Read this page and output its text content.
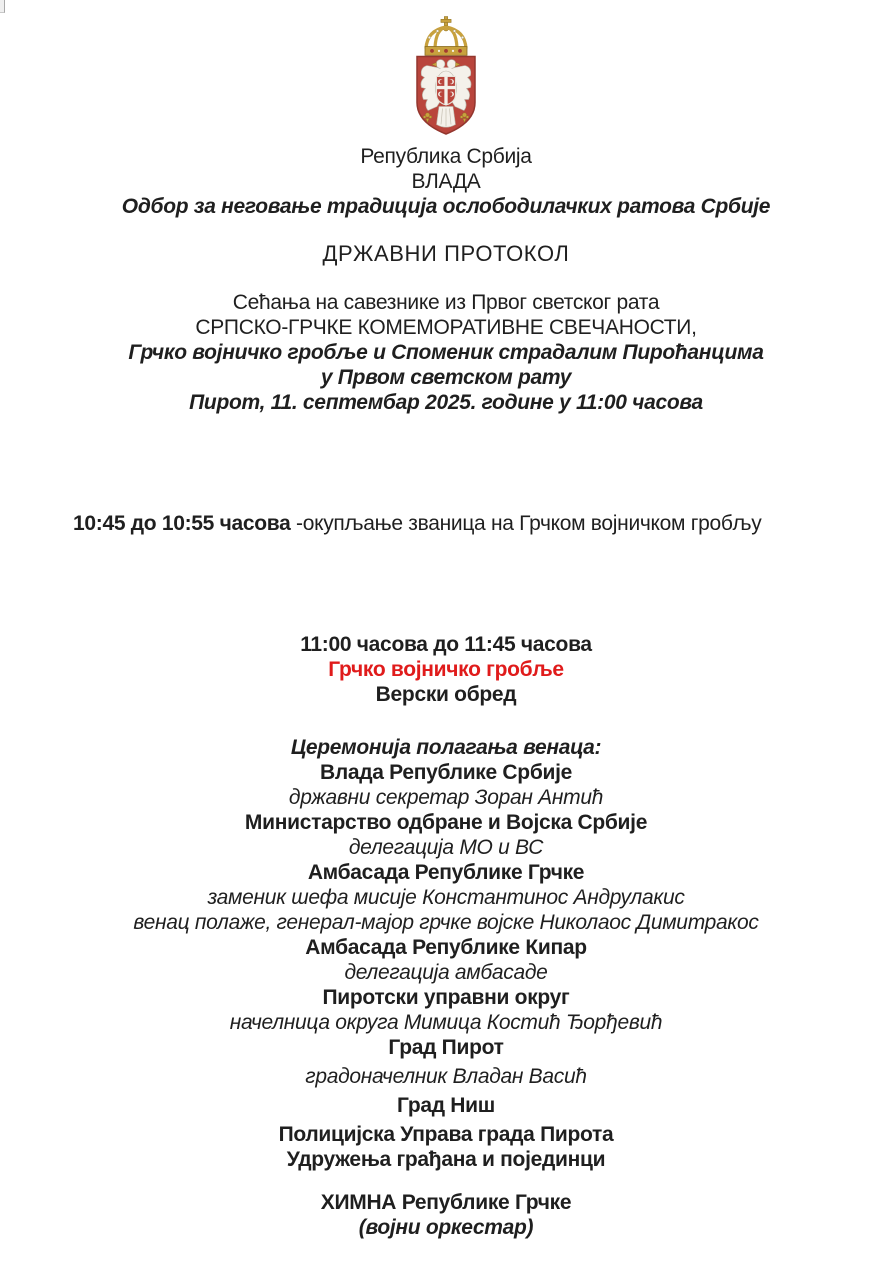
Република Србија
ВЛАДА
Одбор за неговање традиција ослободилачких ратова Србије
ДРЖАВНИ ПРОТОКОЛ
Сећања на савезнике из Првог светског рата
СРПСКО-ГРЧКЕ КОМЕМОРАТИВНЕ СВЕЧАНОСТИ,
Грчко војничко гробље и Споменик страдалим Пироћанцима
у Првом светском рату
Пирот, 11. септембар 2025. године у 11:00 часова
10:45 до 10:55 часова -окупљање званица на Грчком војничком гробљу
11:00 часова до 11:45 часова
Грчко војничко гробље
Верски обред
Церемонија полагања венаца:
Влада Републике Србије
државни секретар Зоран Антић
Министарство одбране и Војска Србије
делегација МО и ВС
Амбасада Републике Грчке
заменик шефа мисије Константинос Андрулакис
венац полаже, генерал-мајор грчке војске Николаос Димитракос
Амбасада Републике Кипар
делегација амбасаде
Пиротски управни округ
начелница округа Мимица Костић Ђорђевић
Град Пирот
градоначелник Владан Васић
Град Ниш
Полицијска Управа града Пирота
Удружења грађана и појединци
ХИМНА Републике Грчке
(војни оркестар)
